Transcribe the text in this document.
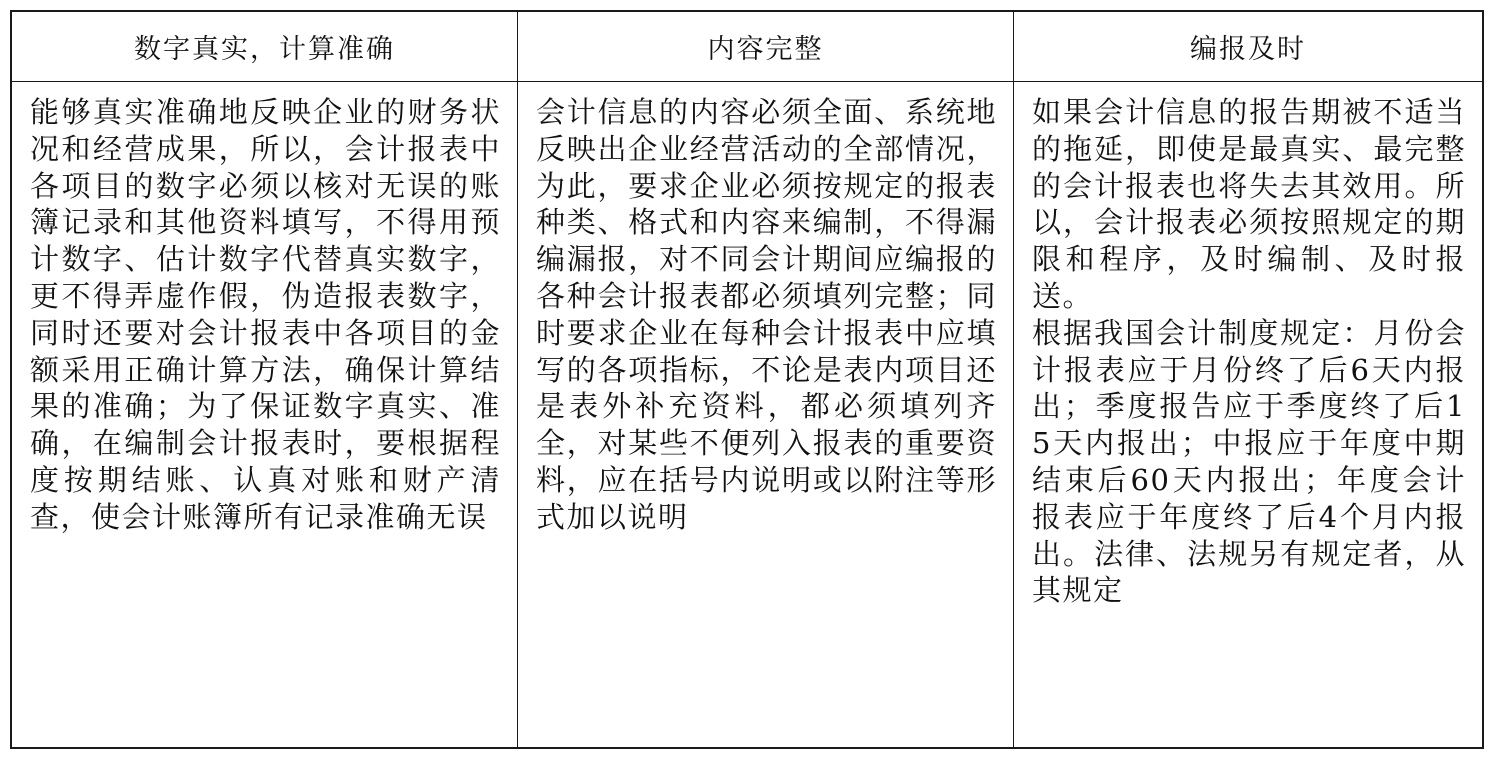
数字真实，计算准确	内容完整	编报及时

能够真实准确地反映企业的财务状况和经营成果，所以，会计报表中各项目的数字必须以核对无误的账簿记录和其他资料填写，不得用预计数字、估计数字代替真实数字，更不得弄虚作假，伪造报表数字，同时还要对会计报表中各项目的金额采用正确计算方法，确保计算结果的准确；为了保证数字真实、准确，在编制会计报表时，要根据程度按期结账、认真对账和财产清查，使会计账簿所有记录准确无误

会计信息的内容必须全面、系统地反映出企业经营活动的全部情况，为此，要求企业必须按规定的报表种类、格式和内容来编制，不得漏编漏报，对不同会计期间应编报的各种会计报表都必须填列完整；同时要求企业在每种会计报表中应填写的各项指标，不论是表内项目还是表外补充资料，都必须填列齐全，对某些不便列入报表的重要资料，应在括号内说明或以附注等形式加以说明

如果会计信息的报告期被不适当的拖延，即使是最真实、最完整的会计报表也将失去其效用。所以，会计报表必须按照规定的期限和程序，及时编制、及时报送。

根据我国会计制度规定：月份会计报表应于月份终了后6天内报出；季度报告应于季度终了后15天内报出；中报应于年度中期结束后60天内报出；年度会计报表应于年度终了后4个月内报出。法律、法规另有规定者，从其规定
